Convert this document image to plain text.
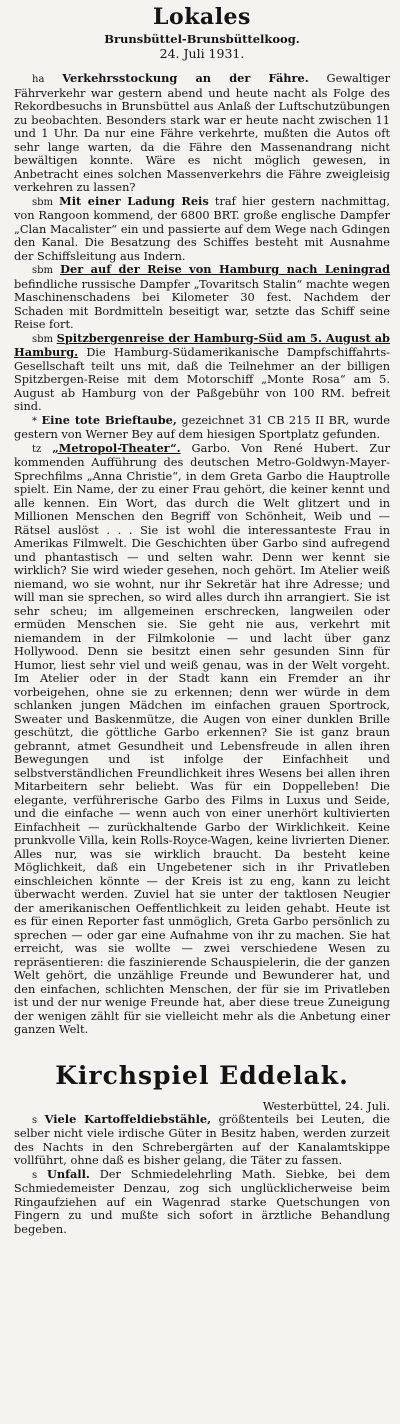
Lokales
Brunsbüttel-Brunsbüttelkoog.
24. Juli 1931.

ha Verkehrsstockung an der Fähre. Gewaltiger Fährverkehr war gestern abend und heute nacht als Folge des Rekordbesuchs in Brunsbüttel aus Anlaß der Luftschutzübungen zu beobachten. Besonders stark war er heute nacht zwischen 11 und 1 Uhr. Da nur eine Fähre verkehrte, mußten die Autos oft sehr lange warten, da die Fähre den Massenandrang nicht bewältigen konnte. Wäre es nicht möglich gewesen, in Anbetracht eines solchen Massenverkehrs die Fähre zweigleisig verkehren zu lassen?

sbm Mit einer Ladung Reis traf hier gestern nachmittag, von Rangoon kommend, der 6800 BRT. große englische Dampfer „Clan Macalister“ ein und passierte auf dem Wege nach Gdingen den Kanal. Die Besatzung des Schiffes besteht mit Ausnahme der Schiffsleitung aus Indern.

sbm Der auf der Reise von Hamburg nach Leningrad befindliche russische Dampfer „Tovaritsch Stalin“ machte wegen Maschinenschadens bei Kilometer 30 fest. Nachdem der Schaden mit Bordmitteln beseitigt war, setzte das Schiff seine Reise fort.

sbm Spitzbergenreise der Hamburg-Süd am 5. August ab Hamburg. Die Hamburg-Südamerikanische Dampfschiffahrts-Gesellschaft teilt uns mit, daß die Teilnehmer an der billigen Spitzbergen-Reise mit dem Motorschiff „Monte Rosa“ am 5. August ab Hamburg von der Paßgebühr von 100 RM. befreit sind.

* Eine tote Brieftaube, gezeichnet 31 CB 215 II BR, wurde gestern von Werner Bey auf dem hiesigen Sportplatz gefunden.

tz „Metropol-Theater“. Garbo. Von René Hubert. Zur kommenden Aufführung des deutschen Metro-Goldwyn-Mayer-Sprechfilms „Anna Christie“, in dem Greta Garbo die Hauptrolle spielt. Ein Name, der zu einer Frau gehört, die keiner kennt und alle kennen. Ein Wort, das durch die Welt glitzert und in Millionen Menschen den Begriff von Schönheit, Weib und — Rätsel auslöst . . . Sie ist wohl die interessanteste Frau in Amerikas Filmwelt. Die Geschichten über Garbo sind aufregend und phantastisch — und selten wahr. Denn wer kennt sie wirklich? Sie wird wieder gesehen, noch gehört. Im Atelier weiß niemand, wo sie wohnt, nur ihr Sekretär hat ihre Adresse; und will man sie sprechen, so wird alles durch ihn arrangiert. Sie ist sehr scheu; im allgemeinen erschrecken, langweilen oder ermüden Menschen sie. Sie geht nie aus, verkehrt mit niemandem in der Filmkolonie — und lacht über ganz Hollywood. Denn sie besitzt einen sehr gesunden Sinn für Humor, liest sehr viel und weiß genau, was in der Welt vorgeht. Im Atelier oder in der Stadt kann ein Fremder an ihr vorbeigehen, ohne sie zu erkennen; denn wer würde in dem schlanken jungen Mädchen im einfachen grauen Sportrock, Sweater und Baskenmütze, die Augen von einer dunklen Brille geschützt, die göttliche Garbo erkennen? Sie ist ganz braun gebrannt, atmet Gesundheit und Lebensfreude in allen ihren Bewegungen und ist infolge der Einfachheit und selbstverständlichen Freundlichkeit ihres Wesens bei allen ihren Mitarbeitern sehr beliebt. Was für ein Doppelleben! Die elegante, verführerische Garbo des Films in Luxus und Seide, und die einfache — wenn auch von einer unerhört kultivierten Einfachheit — zurückhaltende Garbo der Wirklichkeit. Keine prunkvolle Villa, kein Rolls-Royce-Wagen, keine livrierten Diener. Alles nur, was sie wirklich braucht. Da besteht keine Möglichkeit, daß ein Ungebetener sich in ihr Privatleben einschleichen könnte — der Kreis ist zu eng, kann zu leicht überwacht werden. Zuviel hat sie unter der taktlosen Neugier der amerikanischen Oeffentlichkeit zu leiden gehabt. Heute ist es für einen Reporter fast unmöglich, Greta Garbo persönlich zu sprechen — oder gar eine Aufnahme von ihr zu machen. Sie hat erreicht, was sie wollte — zwei verschiedene Wesen zu repräsentieren: die faszinierende Schauspielerin, die der ganzen Welt gehört, die unzählige Freunde und Bewunderer hat, und den einfachen, schlichten Menschen, der für sie im Privatleben ist und der nur wenige Freunde hat, aber diese treue Zuneigung der wenigen zählt für sie vielleicht mehr als die Anbetung einer ganzen Welt.

Kirchspiel Eddelak.
Westerbüttel, 24. Juli.

s Viele Kartoffeldiebstähle, größtenteils bei Leuten, die selber nicht viele irdische Güter in Besitz haben, werden zurzeit des Nachts in den Schrebergärten auf der Kanalamtskippe vollführt, ohne daß es bisher gelang, die Täter zu fassen.

s Unfall. Der Schmiedelehrling Math. Siebke, bei dem Schmiedemeister Denzau, zog sich unglücklicherweise beim Ringaufziehen auf ein Wagenrad starke Quetschungen von Fingern zu und mußte sich sofort in ärztliche Behandlung begeben.
